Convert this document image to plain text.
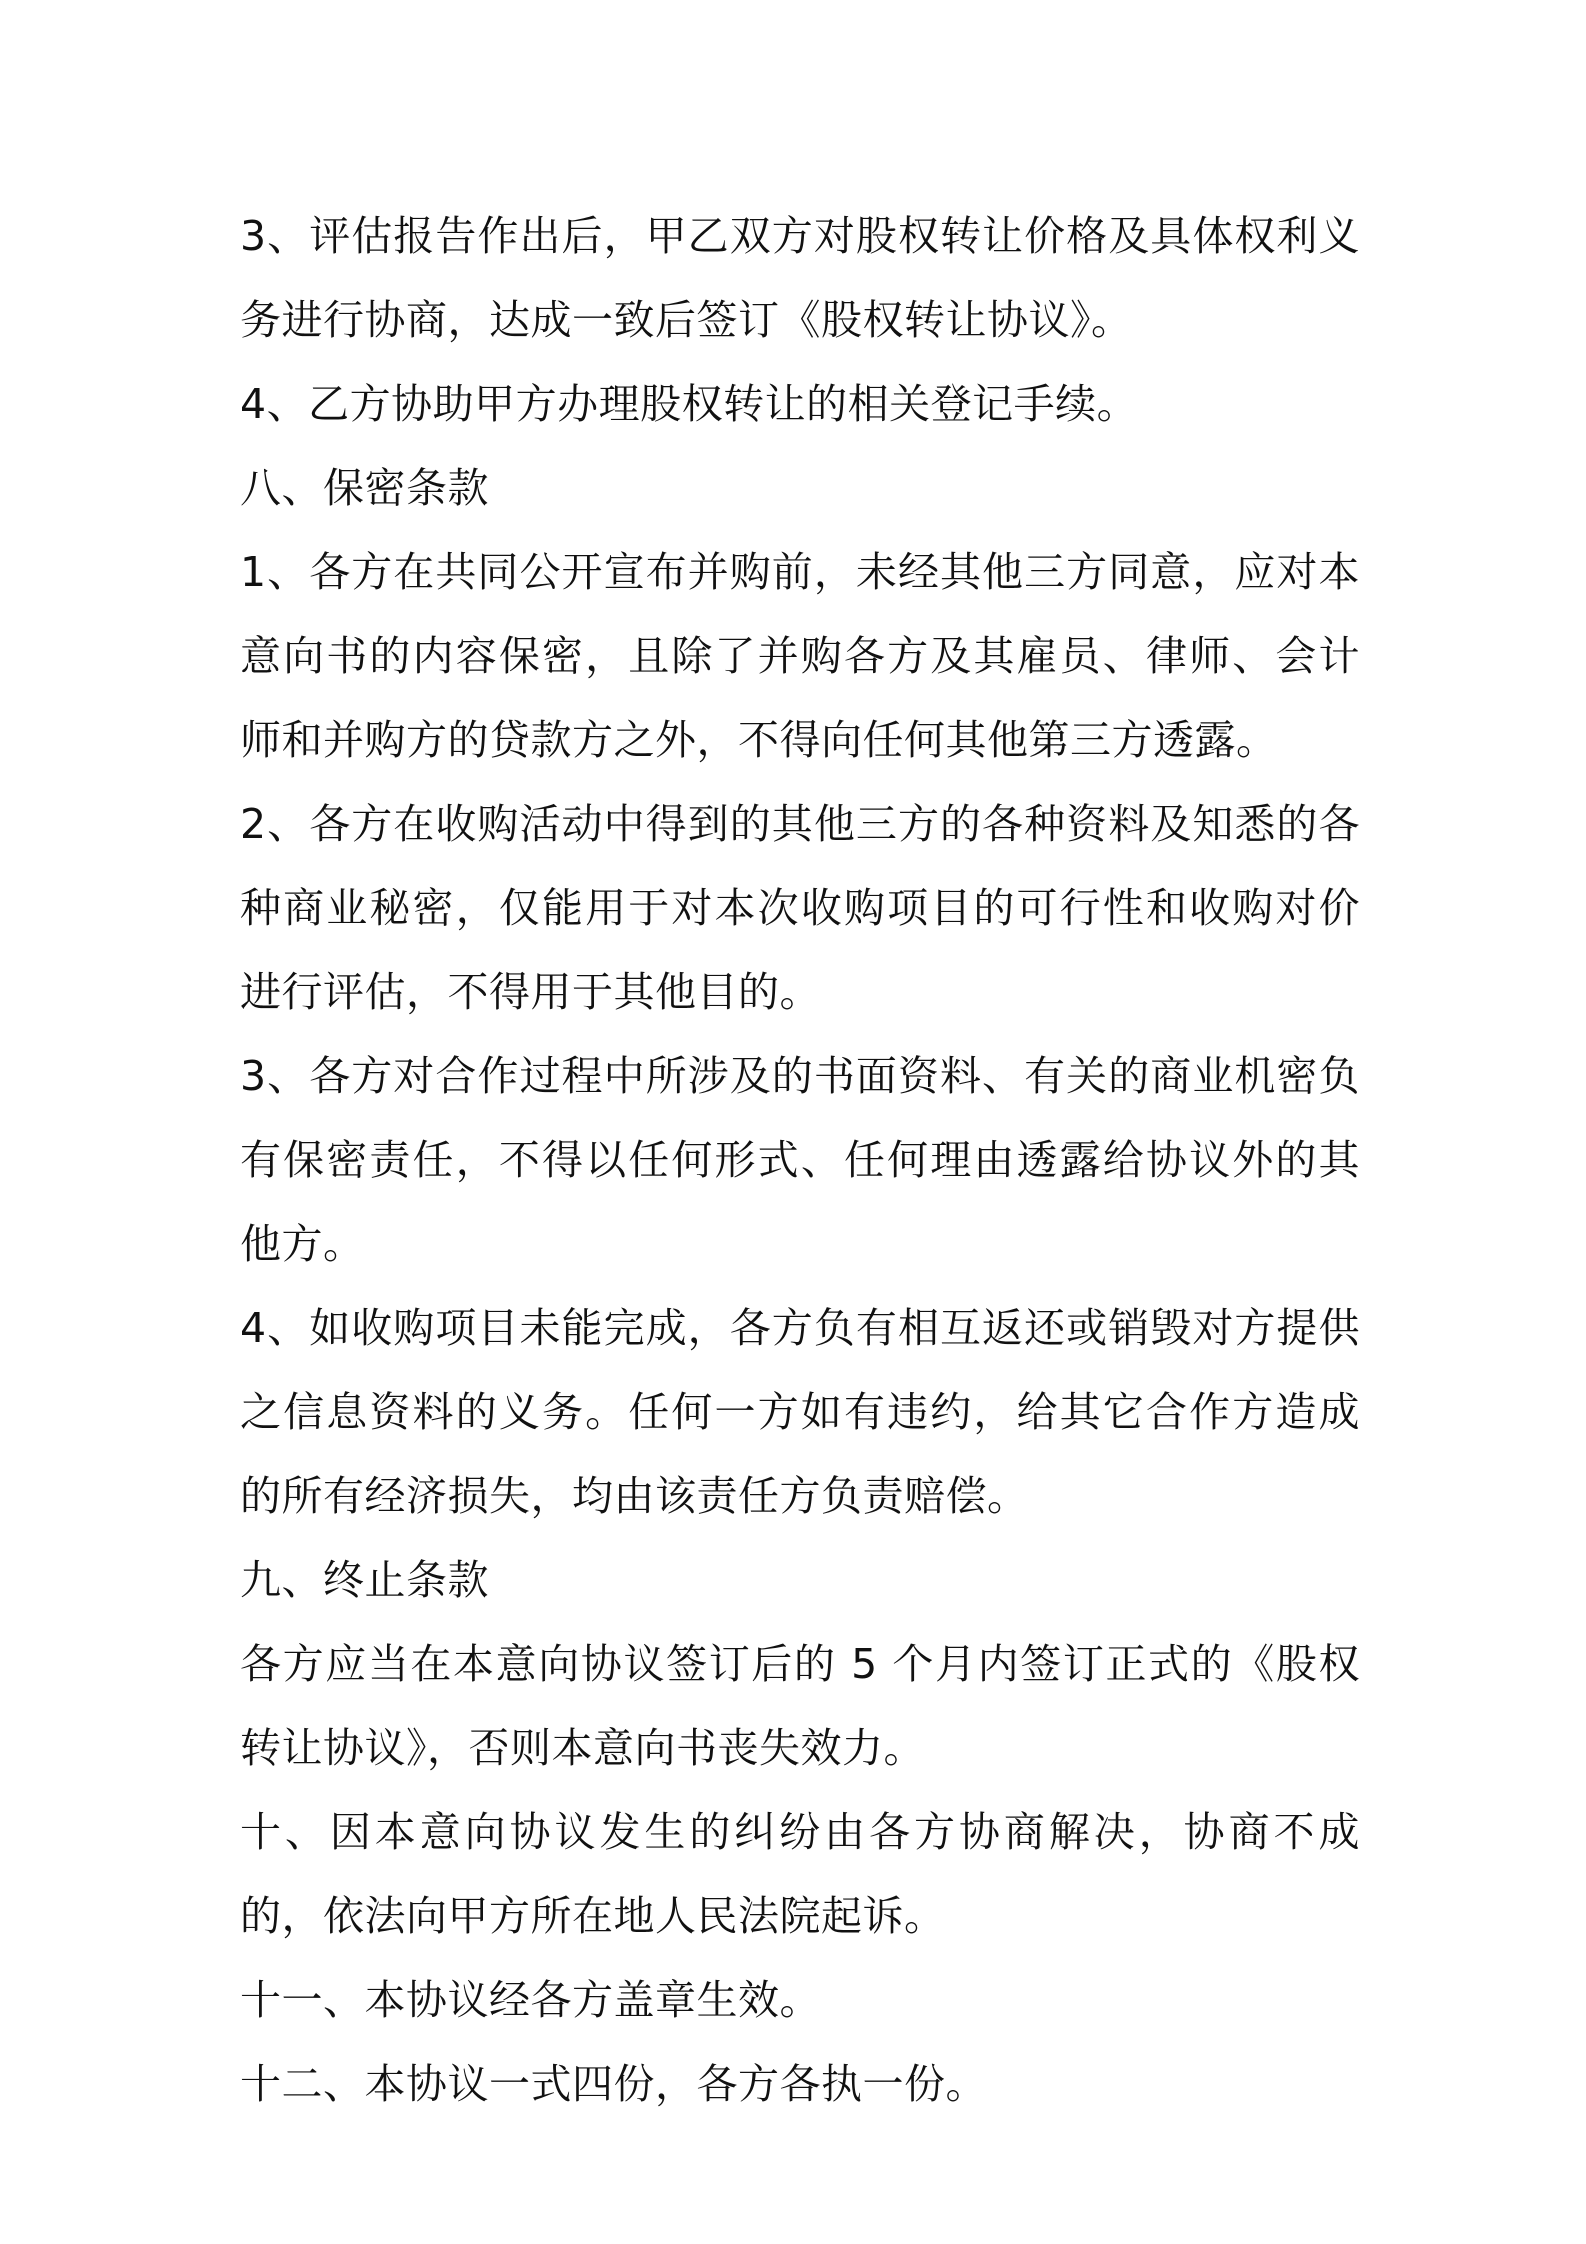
3、评估报告作出后，甲乙双方对股权转让价格及具体权利义务进行协商，达成一致后签订《股权转让协议》。

4、乙方协助甲方办理股权转让的相关登记手续。

八、保密条款

1、各方在共同公开宣布并购前，未经其他三方同意，应对本意向书的内容保密，且除了并购各方及其雇员、律师、会计师和并购方的贷款方之外，不得向任何其他第三方透露。

2、各方在收购活动中得到的其他三方的各种资料及知悉的各种商业秘密，仅能用于对本次收购项目的可行性和收购对价进行评估，不得用于其他目的。

3、各方对合作过程中所涉及的书面资料、有关的商业机密负有保密责任，不得以任何形式、任何理由透露给协议外的其他方。

4、如收购项目未能完成，各方负有相互返还或销毁对方提供之信息资料的义务。任何一方如有违约，给其它合作方造成的所有经济损失，均由该责任方负责赔偿。

九、终止条款

各方应当在本意向协议签订后的 5 个月内签订正式的《股权转让协议》，否则本意向书丧失效力。

十、因本意向协议发生的纠纷由各方协商解决，协商不成的，依法向甲方所在地人民法院起诉。

十一、本协议经各方盖章生效。

十二、本协议一式四份，各方各执一份。
